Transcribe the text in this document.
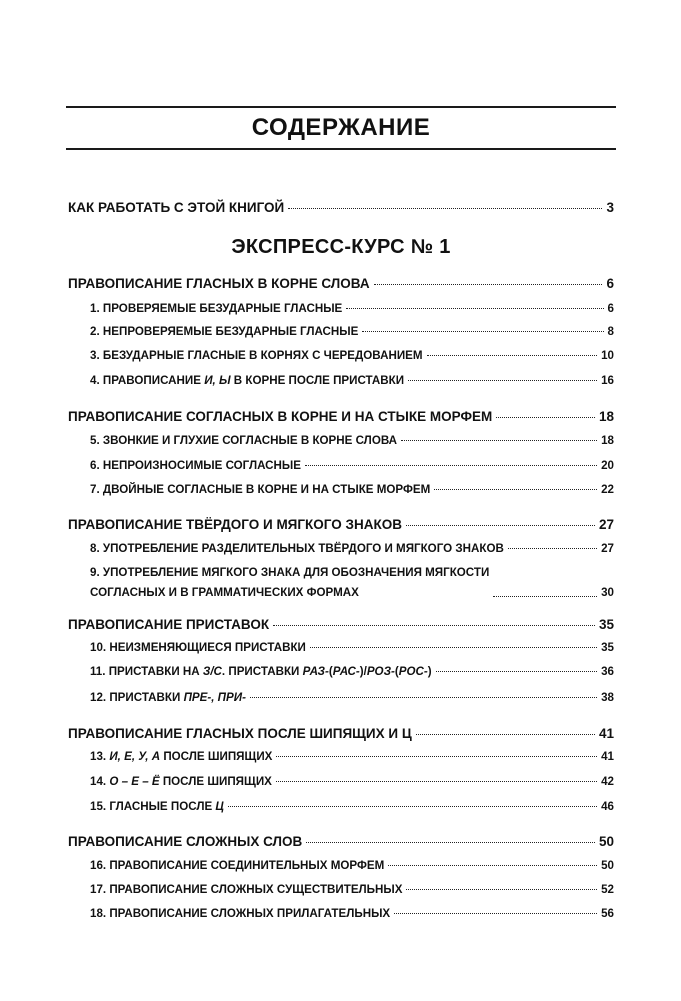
СОДЕРЖАНИЕ
КАК РАБОТАТЬ С ЭТОЙ КНИГОЙ	3
ЭКСПРЕСС-КУРС № 1
ПРАВОПИСАНИЕ ГЛАСНЫХ В КОРНЕ СЛОВА	6
1. ПРОВЕРЯЕМЫЕ БЕЗУДАРНЫЕ ГЛАСНЫЕ	6
2. НЕПРОВЕРЯЕМЫЕ БЕЗУДАРНЫЕ ГЛАСНЫЕ	8
3. БЕЗУДАРНЫЕ ГЛАСНЫЕ В КОРНЯХ С ЧЕРЕДОВАНИЕМ	10
4. ПРАВОПИСАНИЕ И, Ы В КОРНЕ ПОСЛЕ ПРИСТАВКИ	16
ПРАВОПИСАНИЕ СОГЛАСНЫХ В КОРНЕ И НА СТЫКЕ МОРФЕМ	18
5. ЗВОНКИЕ И ГЛУХИЕ СОГЛАСНЫЕ В КОРНЕ СЛОВА	18
6. НЕПРОИЗНОСИМЫЕ СОГЛАСНЫЕ	20
7. ДВОЙНЫЕ СОГЛАСНЫЕ В КОРНЕ И НА СТЫКЕ МОРФЕМ	22
ПРАВОПИСАНИЕ ТВЁРДОГО И МЯГКОГО ЗНАКОВ	27
8. УПОТРЕБЛЕНИЕ РАЗДЕЛИТЕЛЬНЫХ ТВЁРДОГО И МЯГКОГО ЗНАКОВ	27
9. УПОТРЕБЛЕНИЕ МЯГКОГО ЗНАКА ДЛЯ ОБОЗНАЧЕНИЯ МЯГКОСТИ
СОГЛАСНЫХ И В ГРАММАТИЧЕСКИХ ФОРМАХ	30
ПРАВОПИСАНИЕ ПРИСТАВОК	35
10. НЕИЗМЕНЯЮЩИЕСЯ ПРИСТАВКИ	35
11. ПРИСТАВКИ НА З/С. ПРИСТАВКИ РАЗ-(РАС-)/РОЗ-(РОС-)	36
12. ПРИСТАВКИ ПРЕ-, ПРИ-	38
ПРАВОПИСАНИЕ ГЛАСНЫХ ПОСЛЕ ШИПЯЩИХ И Ц	41
13. И, Е, У, А ПОСЛЕ ШИПЯЩИХ	41
14. О – Е – Ё ПОСЛЕ ШИПЯЩИХ	42
15. ГЛАСНЫЕ ПОСЛЕ Ц	46
ПРАВОПИСАНИЕ СЛОЖНЫХ СЛОВ	50
16. ПРАВОПИСАНИЕ СОЕДИНИТЕЛЬНЫХ МОРФЕМ	50
17. ПРАВОПИСАНИЕ СЛОЖНЫХ СУЩЕСТВИТЕЛЬНЫХ	52
18. ПРАВОПИСАНИЕ СЛОЖНЫХ ПРИЛАГАТЕЛЬНЫХ	56
